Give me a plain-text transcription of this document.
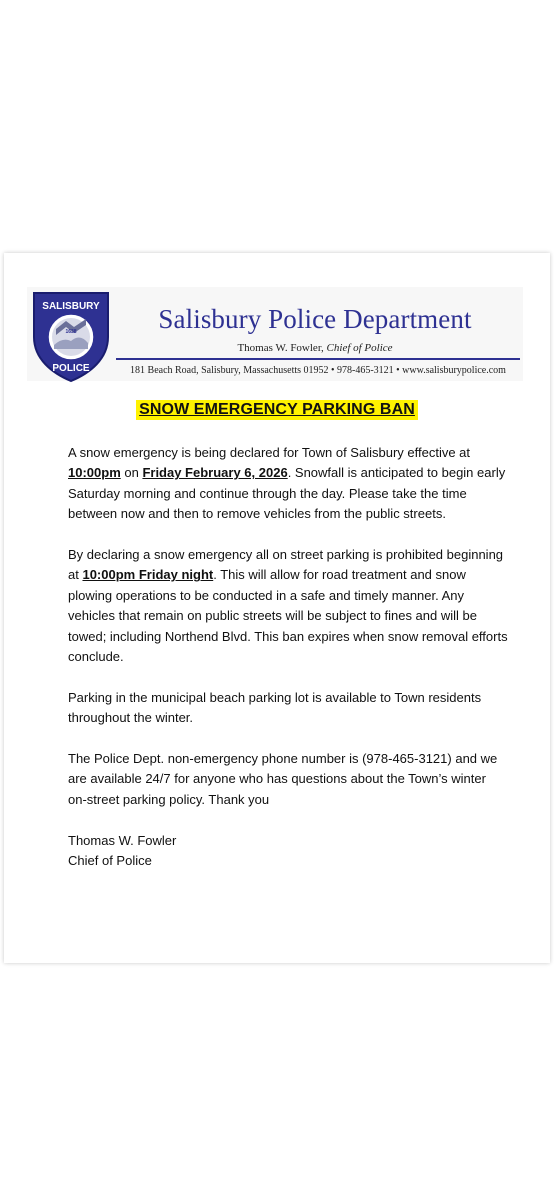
SALISBURY
1638
POLICE
Salisbury Police Department
Thomas W. Fowler, Chief of Police
181 Beach Road, Salisbury, Massachusetts 01952 • 978-465-3121 • www.salisburypolice.com
SNOW EMERGENCY PARKING BAN

A snow emergency is being declared for Town of Salisbury effective at 10:00pm on Friday February 6, 2026. Snowfall is anticipated to begin early Saturday morning and continue through the day. Please take the time between now and then to remove vehicles from the public streets.

By declaring a snow emergency all on street parking is prohibited beginning at 10:00pm Friday night. This will allow for road treatment and snow plowing operations to be conducted in a safe and timely manner. Any vehicles that remain on public streets will be subject to fines and will be towed; including Northend Blvd. This ban expires when snow removal efforts conclude.

Parking in the municipal beach parking lot is available to Town residents throughout the winter.

The Police Dept. non-emergency phone number is (978-465-3121) and we are available 24/7 for anyone who has questions about the Town’s winter on-street parking policy. Thank you

Thomas W. Fowler

Chief of Police
